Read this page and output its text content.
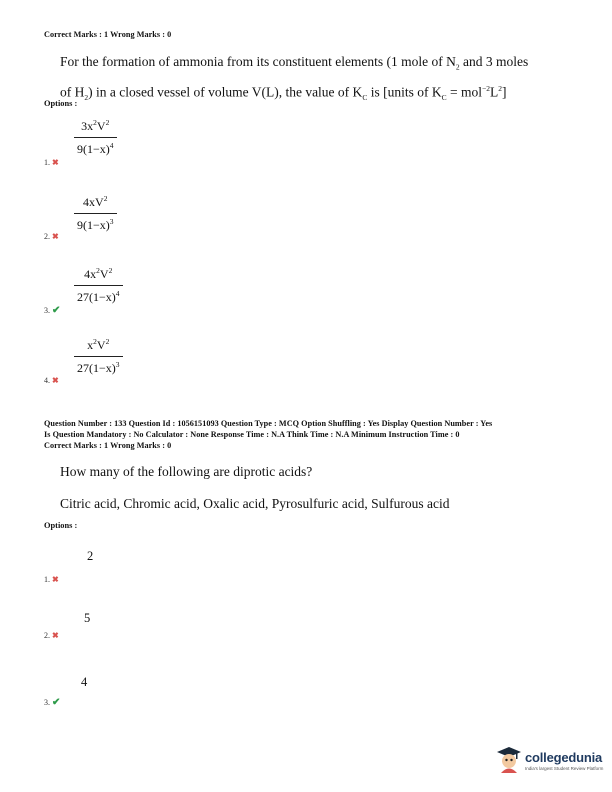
Correct Marks : 1 Wrong Marks : 0
For the formation of ammonia from its constituent elements (1 mole of $N_2$ and 3 moles
of $H_2$) in a closed vessel of volume V(L), the value of $K_C$ is [units of $K_C = mol^{-2}L^2$]
Options :
$\frac{3x^2V^2}{9(1-x)^4}$
1. ✖
$\frac{4xV^2}{9(1-x)^3}$
2. ✖
$\frac{4x^2V^2}{27(1-x)^4}$
3. ✔
$\frac{x^2V^2}{27(1-x)^3}$
4. ✖
Question Number : 133 Question Id : 1056151093 Question Type : MCQ Option Shuffling : Yes Display Question Number : Yes
Is Question Mandatory : No Calculator : None Response Time : N.A Think Time : N.A Minimum Instruction Time : 0
Correct Marks : 1 Wrong Marks : 0
How many of the following are diprotic acids?
Citric acid, Chromic acid, Oxalic acid, Pyrosulfuric acid, Sulfurous acid
Options :
2
1. ✖
5
2. ✖
4
3. ✔
collegedunia
India's largest Student Review Platform
